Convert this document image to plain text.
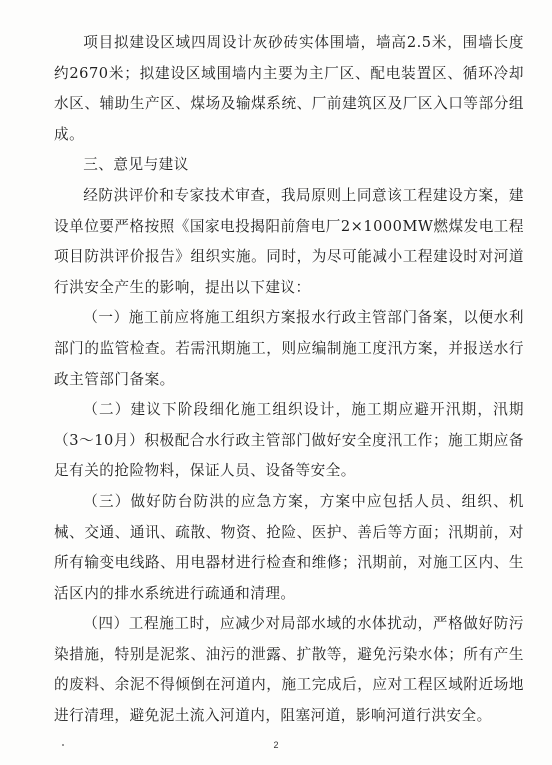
项目拟建设区域四周设计灰砂砖实体围墙，墙高2.5米，围墙长度约2670米；拟建设区域围墙内主要为主厂区、配电装置区、循环冷却水区、辅助生产区、煤场及输煤系统、厂前建筑区及厂区入口等部分组成。

三、意见与建议

经防洪评价和专家技术审查，我局原则上同意该工程建设方案，建设单位要严格按照《国家电投揭阳前詹电厂2×1000MW燃煤发电工程项目防洪评价报告》组织实施。同时，为尽可能减小工程建设时对河道行洪安全产生的影响，提出以下建议：

（一）施工前应将施工组织方案报水行政主管部门备案，以便水利部门的监管检查。若需汛期施工，则应编制施工度汛方案，并报送水行政主管部门备案。

（二）建议下阶段细化施工组织设计，施工期应避开汛期，汛期（3～10月）积极配合水行政主管部门做好安全度汛工作；施工期应备足有关的抢险物料，保证人员、设备等安全。

（三）做好防台防洪的应急方案，方案中应包括人员、组织、机械、交通、通讯、疏散、物资、抢险、医护、善后等方面；汛期前，对所有输变电线路、用电器材进行检查和维修；汛期前，对施工区内、生活区内的排水系统进行疏通和清理。

（四）工程施工时，应减少对局部水域的水体扰动，严格做好防污染措施，特别是泥浆、油污的泄露、扩散等，避免污染水体；所有产生的废料、余泥不得倾倒在河道内，施工完成后，应对工程区域附近场地进行清理，避免泥土流入河道内，阻塞河道，影响河道行洪安全。

2
